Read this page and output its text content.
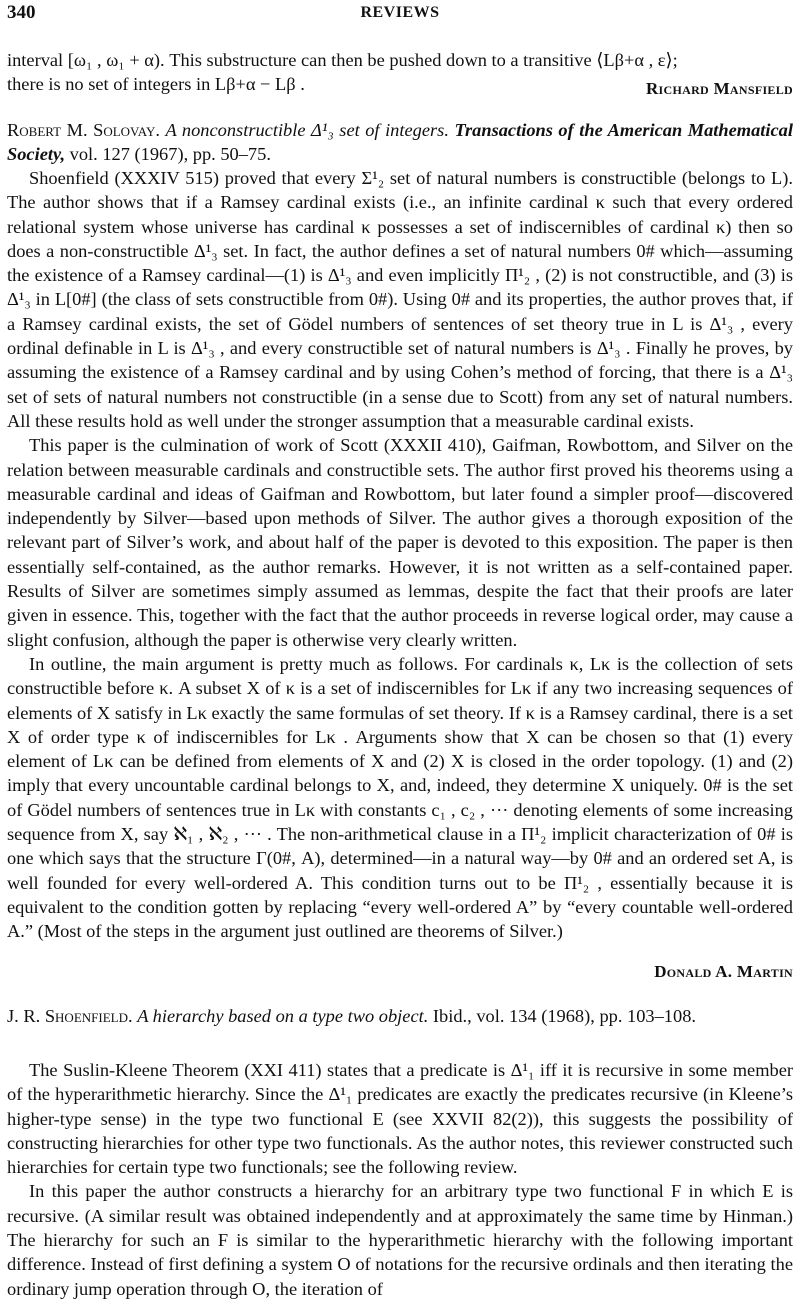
340	REVIEWS

interval [ω₁ , ω₁ + α). This substructure can then be pushed down to a transitive ⟨Lβ+α , ε⟩;

there is no set of integers in Lβ+α − Lβ .	Richard Mansfield

Robert M. Solovay. A nonconstructible Δ¹₃ set of integers. Transactions of the American Mathematical Society, vol. 127 (1967), pp. 50–75.

Shoenfield (XXXIV 515) proved that every Σ¹₂ set of natural numbers is constructible (belongs to L). The author shows that if a Ramsey cardinal exists (i.e., an infinite cardinal κ such that every ordered relational system whose universe has cardinal κ possesses a set of indiscernibles of cardinal κ) then so does a non-constructible Δ¹₃ set. In fact, the author defines a set of natural numbers 0# which—assuming the existence of a Ramsey cardinal—(1) is Δ¹₃ and even implicitly Π¹₂ , (2) is not constructible, and (3) is Δ¹₃ in L[0#] (the class of sets constructible from 0#). Using 0# and its properties, the author proves that, if a Ramsey cardinal exists, the set of Gödel numbers of sentences of set theory true in L is Δ¹₃ , every ordinal definable in L is Δ¹₃ , and every constructible set of natural numbers is Δ¹₃ . Finally he proves, by assuming the existence of a Ramsey cardinal and by using Cohen’s method of forcing, that there is a Δ¹₃ set of sets of natural numbers not constructible (in a sense due to Scott) from any set of natural numbers. All these results hold as well under the stronger assumption that a measurable cardinal exists.

This paper is the culmination of work of Scott (XXXII 410), Gaifman, Rowbottom, and Silver on the relation between measurable cardinals and constructible sets. The author first proved his theorems using a measurable cardinal and ideas of Gaifman and Rowbottom, but later found a simpler proof—discovered independently by Silver—based upon methods of Silver. The author gives a thorough exposition of the relevant part of Silver’s work, and about half of the paper is devoted to this exposition. The paper is then essentially self-contained, as the author remarks. However, it is not written as a self-contained paper. Results of Silver are sometimes simply assumed as lemmas, despite the fact that their proofs are later given in essence. This, together with the fact that the author proceeds in reverse logical order, may cause a slight confusion, although the paper is otherwise very clearly written.

In outline, the main argument is pretty much as follows. For cardinals κ, Lκ is the collection of sets constructible before κ. A subset X of κ is a set of indiscernibles for Lκ if any two increasing sequences of elements of X satisfy in Lκ exactly the same formulas of set theory. If κ is a Ramsey cardinal, there is a set X of order type κ of indiscernibles for Lκ . Arguments show that X can be chosen so that (1) every element of Lκ can be defined from elements of X and (2) X is closed in the order topology. (1) and (2) imply that every uncountable cardinal belongs to X, and, indeed, they determine X uniquely. 0# is the set of Gödel numbers of sentences true in Lκ with constants c₁ , c₂ , ··· denoting elements of some increasing sequence from X, say ℵ₁ , ℵ₂ , ··· . The non-arithmetical clause in a Π¹₂ implicit characterization of 0# is one which says that the structure Γ(0#, A), determined—in a natural way—by 0# and an ordered set A, is well founded for every well-ordered A. This condition turns out to be Π¹₂ , essentially because it is equivalent to the condition gotten by replacing “every well-ordered A” by “every countable well-ordered A.” (Most of the steps in the argument just outlined are theorems of Silver.)

Donald A. Martin

J. R. Shoenfield. A hierarchy based on a type two object. Ibid., vol. 134 (1968), pp. 103–108.

The Suslin-Kleene Theorem (XXI 411) states that a predicate is Δ¹₁ iff it is recursive in some member of the hyperarithmetic hierarchy. Since the Δ¹₁ predicates are exactly the predicates recursive (in Kleene’s higher-type sense) in the type two functional E (see XXVII 82(2)), this suggests the possibility of constructing hierarchies for other type two functionals. As the author notes, this reviewer constructed such hierarchies for certain type two functionals; see the following review.

In this paper the author constructs a hierarchy for an arbitrary type two functional F in which E is recursive. (A similar result was obtained independently and at approximately the same time by Hinman.) The hierarchy for such an F is similar to the hyperarithmetic hierarchy with the following important difference. Instead of first defining a system O of notations for the recursive ordinals and then iterating the ordinary jump operation through O, the iteration of
